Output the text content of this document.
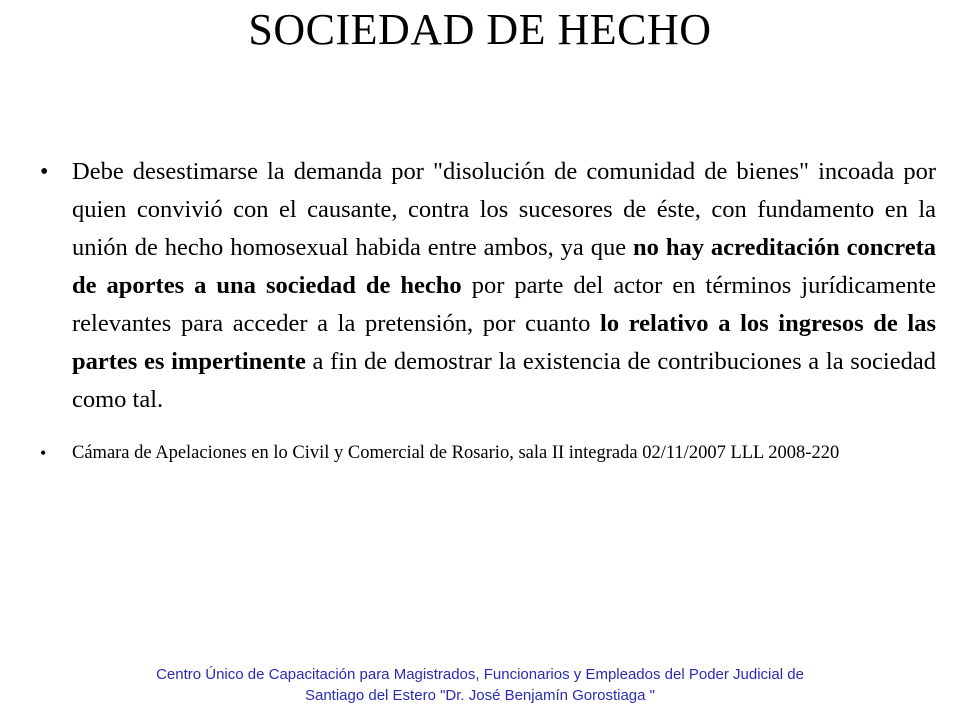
SOCIEDAD DE HECHO
• Debe desestimarse la demanda por "disolución de comunidad de bienes" incoada por quien convivió con el causante, contra los sucesores de éste, con fundamento en la unión de hecho homosexual habida entre ambos, ya que no hay acreditación concreta de aportes a una sociedad de hecho por parte del actor en términos jurídicamente relevantes para acceder a la pretensión, por cuanto lo relativo a los ingresos de las partes es impertinente a fin de demostrar la existencia de contribuciones a la sociedad como tal.
•	Cámara de Apelaciones en lo Civil y Comercial de Rosario, sala II integrada 02/11/2007 LLL 2008-220
Centro Único de Capacitación para Magistrados, Funcionarios y Empleados del Poder Judicial de
Santiago del Estero "Dr. José Benjamín Gorostiaga "
